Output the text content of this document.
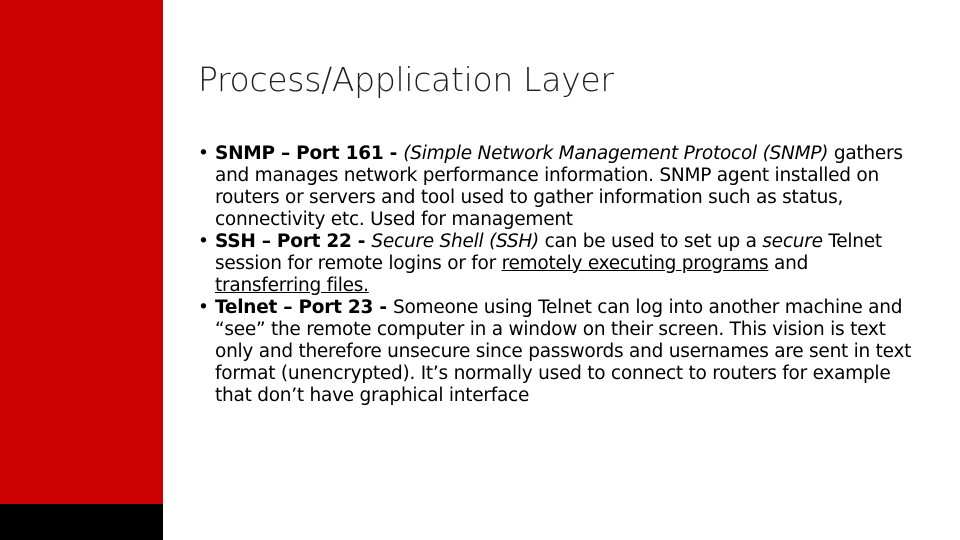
Process/Application Layer
• SNMP – Port 161 - (Simple Network Management Protocol (SNMP) gathers and manages network performance information. SNMP agent installed on routers or servers and tool used to gather information such as status, connectivity etc. Used for management
• SSH – Port 22 - Secure Shell (SSH) can be used to set up a secure Telnet session for remote logins or for remotely executing programs and transferring files.
• Telnet – Port 23 - Someone using Telnet can log into another machine and “see” the remote computer in a window on their screen. This vision is text only and therefore unsecure since passwords and usernames are sent in text format (unencrypted). It’s normally used to connect to routers for example that don’t have graphical interface
